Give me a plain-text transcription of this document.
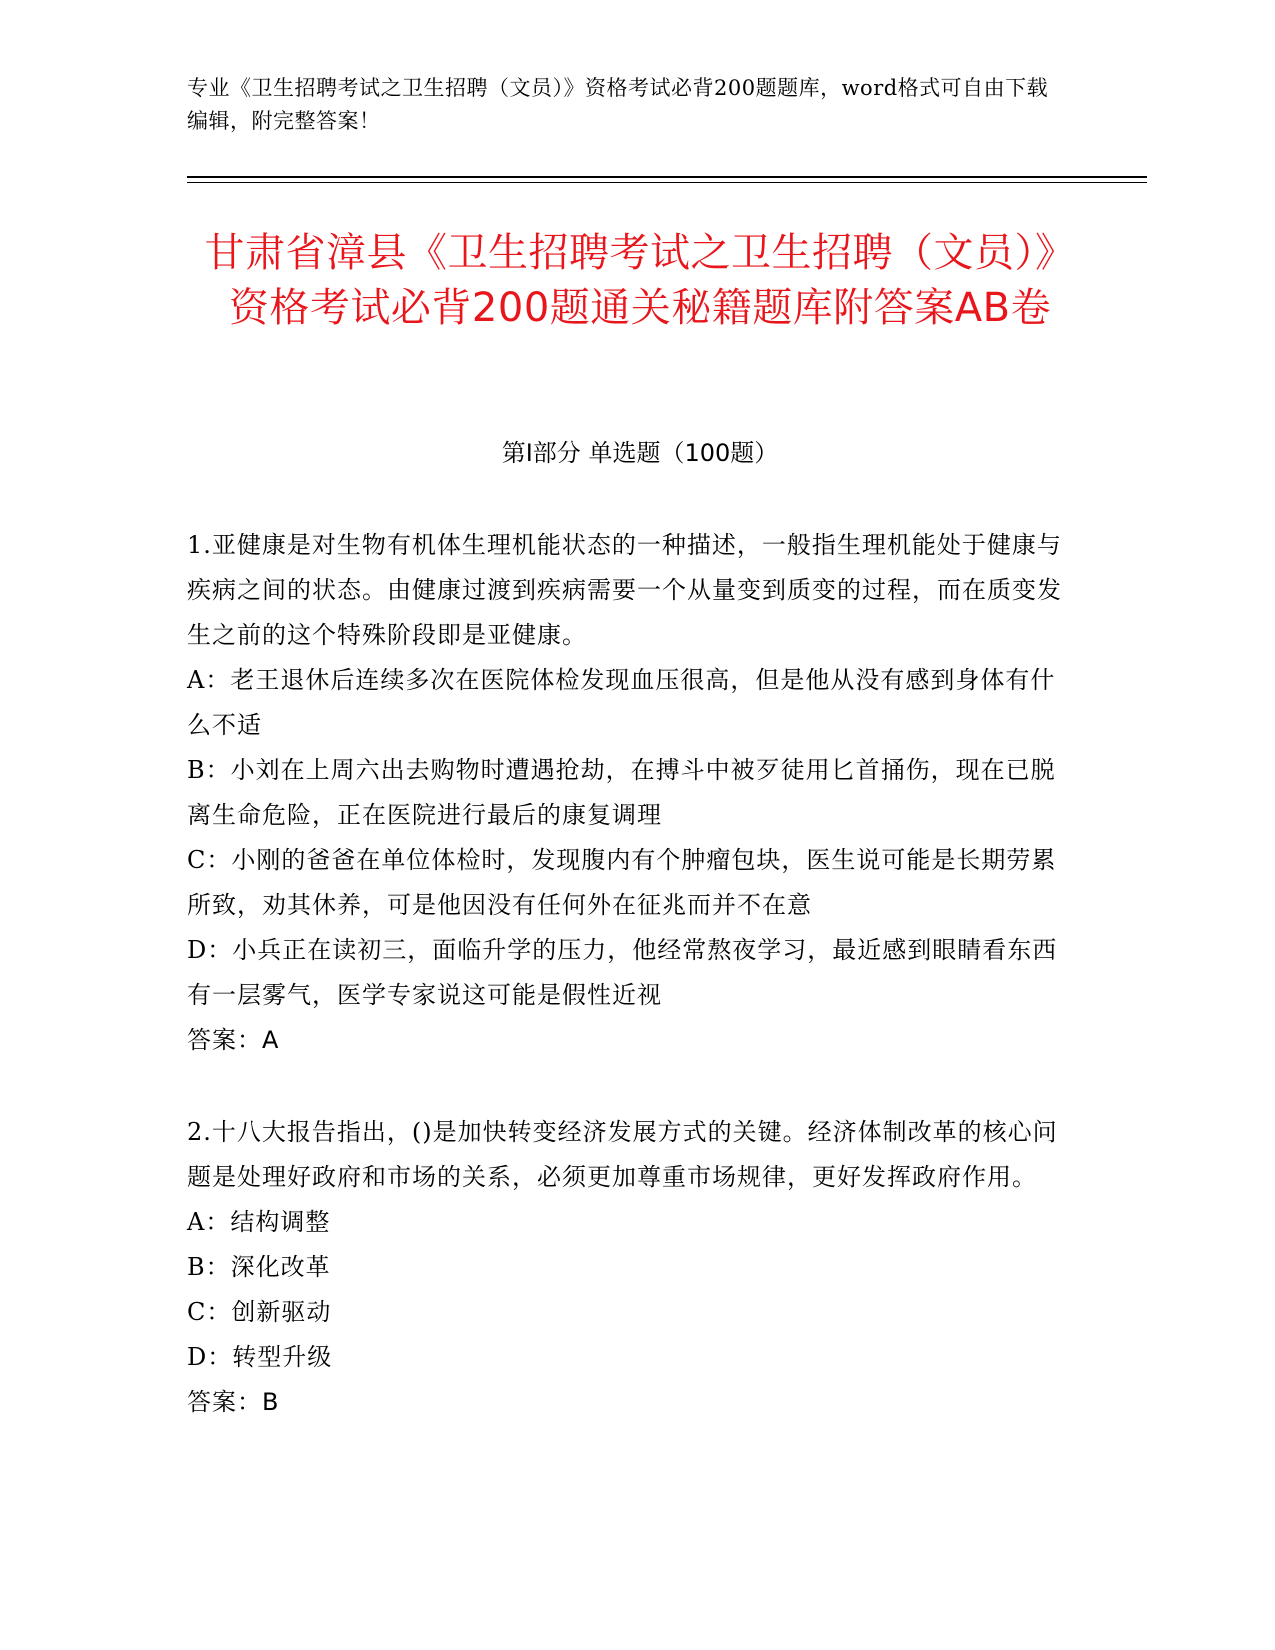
专业《卫生招聘考试之卫生招聘（文员）》资格考试必背200题题库，word格式可自由下载编辑，附完整答案！
甘肃省漳县《卫生招聘考试之卫生招聘（文员）》资格考试必背200题通关秘籍题库附答案AB卷
第I部分 单选题（100题）
1.亚健康是对生物有机体生理机能状态的一种描述，一般指生理机能处于健康与疾病之间的状态。由健康过渡到疾病需要一个从量变到质变的过程，而在质变发生之前的这个特殊阶段即是亚健康。
A：老王退休后连续多次在医院体检发现血压很高，但是他从没有感到身体有什么不适
B：小刘在上周六出去购物时遭遇抢劫，在搏斗中被歹徒用匕首捅伤，现在已脱离生命危险，正在医院进行最后的康复调理
C：小刚的爸爸在单位体检时，发现腹内有个肿瘤包块，医生说可能是长期劳累所致，劝其休养，可是他因没有任何外在征兆而并不在意
D：小兵正在读初三，面临升学的压力，他经常熬夜学习，最近感到眼睛看东西有一层雾气，医学专家说这可能是假性近视
答案：A
2.十八大报告指出，()是加快转变经济发展方式的关键。经济体制改革的核心问题是处理好政府和市场的关系，必须更加尊重市场规律，更好发挥政府作用。
A：结构调整
B：深化改革
C：创新驱动
D：转型升级
答案：B
